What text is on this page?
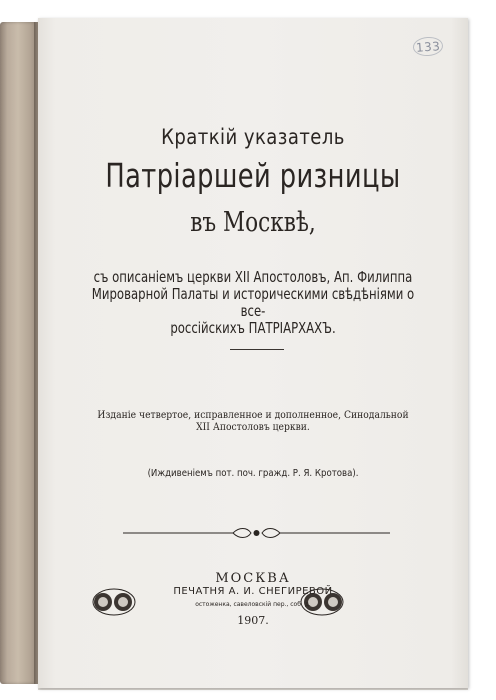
133
Краткiй указатель
Патрiаршей ризницы
въ Москвѣ,
съ описанiемъ церкви XII Апостоловъ, Ап. Филиппа
Мироварной Палаты и историческими свѣдѣнiями о все-
россiйскихъ ПАТРIАРХАХЪ.
Изданiе четвертое, исправленное и дополненное, Синодальной
XII Апостоловъ церкви.
(Иждивенiемъ пот. поч. гражд. Р. Я. Кротова).
МОСКВА
ПЕЧАТНЯ А. И. СНЕГИРЕВОЙ
остоженка, савеловскiй пер., соб. д.
1907.
